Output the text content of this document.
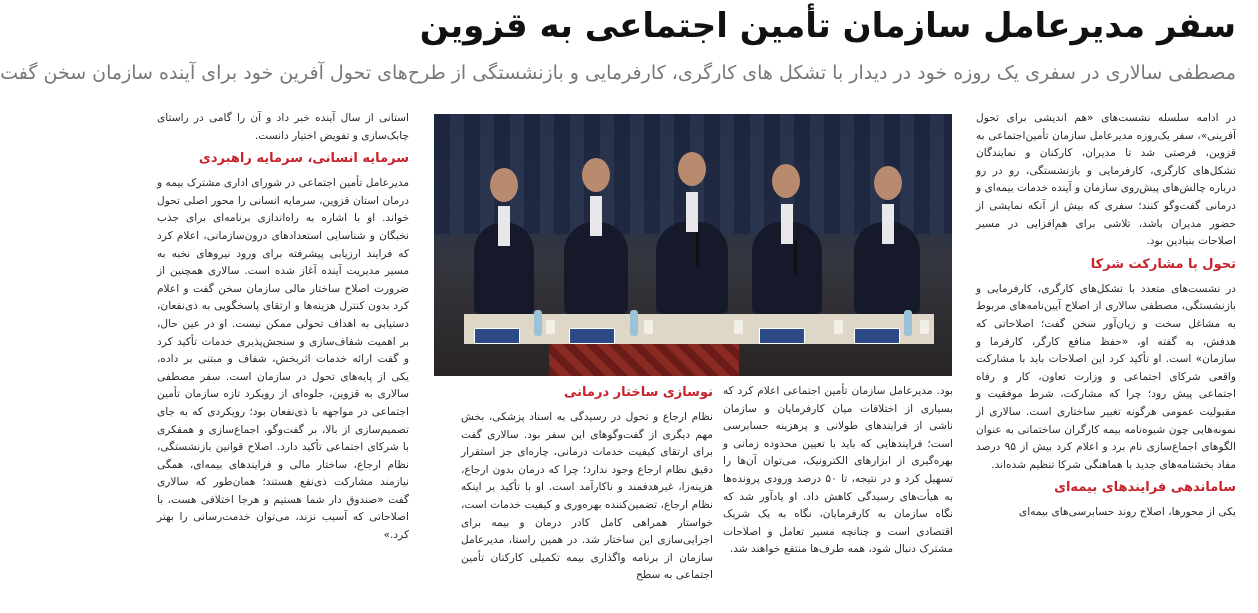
سفر مدیرعامل سازمان تأمین اجتماعی به قزوین
مصطفی سالاری در سفری یک روزه خود در دیدار با تشکل های کارگری، کارفرمایی و بازنشستگی از طرح‌های تحول آفرین خود برای آینده سازمان سخن گفت

در ادامه سلسله نشست‌های «هم اندیشی برای تحول آفرینی»، سفر یک‌روزه مدیرعامل سازمان تأمین‌اجتماعی به قزوین، فرصتی شد تا مدیران، کارکنان و نمایندگان تشکل‌های کارگری، کارفرمایی و بازنشستگی، رو در رو درباره چالش‌های پیش‌روی سازمان و آینده خدمات بیمه‌ای و درمانی گفت‌وگو کنند؛ سفری که بیش از آنکه نمایشی از حضور مدیران باشد، تلاشی برای هم‌افزایی در مسیر اصلاحات بنیادین بود.

تحول با مشارکت شرکا

در نشست‌های متعدد با تشکل‌های کارگری، کارفرمایی و بازنشستگی، مصطفی سالاری از اصلاح آیین‌نامه‌های مربوط به مشاغل سخت و زیان‌آور سخن گفت؛ اصلاحاتی که هدفش، به گفته او، «حفظ منافع کارگر، کارفرما و سازمان» است. او تأکید کرد این اصلاحات باید با مشارکت واقعی شرکای اجتماعی و وزارت تعاون، کار و رفاه اجتماعی پیش رود؛ چرا که مشارکت، شرط موفقیت و مقبولیت عمومی هرگونه تغییر ساختاری است. سالاری از نمونه‌هایی چون شیوه‌نامه بیمه کارگران ساختمانی به عنوان الگوهای اجماع‌سازی نام برد و اعلام کرد بیش از ۹۵ درصد مفاد بخشنامه‌های جدید با هماهنگی شرکا تنظیم شده‌اند.

ساماندهی فرایندهای بیمه‌ای

یکی از محورها، اصلاح روند حسابرسی‌های بیمه‌ای

بود. مدیرعامل سازمان تأمین اجتماعی اعلام کرد که بسیاری از اختلافات میان کارفرمایان و سازمان ناشی از فرایندهای طولانی و پرهزینه حسابرسی است؛ فرایندهایی که باید با تعیین محدوده زمانی و بهره‌گیری از ابزارهای الکترونیک، می‌توان آن‌ها را تسهیل کرد و در نتیجه، تا ۵۰ درصد ورودی پرونده‌ها به هیأت‌های رسیدگی کاهش داد. او یادآور شد که نگاه سازمان به کارفرمایان، نگاه به یک شریک اقتصادی است و چنانچه مسیر تعامل و اصلاحات مشترک دنبال شود، همه طرف‌ها منتفع خواهند شد.

نوسازی ساختار درمانی

نظام ارجاع و تحول در رسیدگی به اسناد پزشکی، بخش مهم دیگری از گفت‌وگوهای این سفر بود. سالاری گفت برای ارتقای کیفیت خدمات درمانی، چاره‌ای جز استقرار دقیق نظام ارجاع وجود ندارد؛ چرا که درمان بدون ارجاع، هزینه‌زا، غیرهدفمند و ناکارآمد است. او با تأکید بر اینکه نظام ارجاع، تضمین‌کننده بهره‌وری و کیفیت خدمات است، خواستار همراهی کامل کادر درمان و بیمه برای اجرایی‌سازی این ساختار شد. در همین راستا، مدیرعامل سازمان از برنامه واگذاری بیمه تکمیلی کارکنان تأمین اجتماعی به سطح

استانی از سال آینده خبر داد و آن را گامی در راستای چابک‌سازی و تفویض اختیار دانست.

سرمایه انسانی، سرمایه راهبردی

مدیرعامل تأمین اجتماعی در شورای اداری مشترک بیمه و درمان استان قزوین، سرمایه انسانی را محور اصلی تحول خواند. او با اشاره به راه‌اندازی برنامه‌ای برای جذب نخبگان و شناسایی استعدادهای درون‌سازمانی، اعلام کرد که فرایند ارزیابی پیشرفته برای ورود نیروهای نخبه به مسیر مدیریت آینده آغاز شده است. سالاری همچنین از ضرورت اصلاح ساختار مالی سازمان سخن گفت و اعلام کرد بدون کنترل هزینه‌ها و ارتقای پاسخگویی به ذی‌نفعان، دستیابی به اهداف تحولی ممکن نیست. او در عین حال، بر اهمیت شفاف‌سازی و سنجش‌پذیری خدمات تأکید کرد و گفت ارائه خدمات اثربخش، شفاف و مبتنی بر داده، یکی از پایه‌های تحول در سازمان است. سفر مصطفی سالاری به قزوین، جلوه‌ای از رویکرد تازه سازمان تأمین اجتماعی در مواجهه با ذی‌نفعان بود؛ رویکردی که به جای تصمیم‌سازی از بالا، بر گفت‌وگو، اجماع‌سازی و همفکری با شرکای اجتماعی تأکید دارد. اصلاح قوانین بازنشستگی، نظام ارجاع، ساختار مالی و فرایندهای بیمه‌ای، همگی نیازمند مشارکت ذی‌نفع هستند؛ همان‌طور که سالاری گفت «صندوق دار شما هستیم و هرجا اختلافی هست، با اصلاحاتی که آسیب نزند، می‌توان خدمت‌رسانی را بهتر کرد.»
